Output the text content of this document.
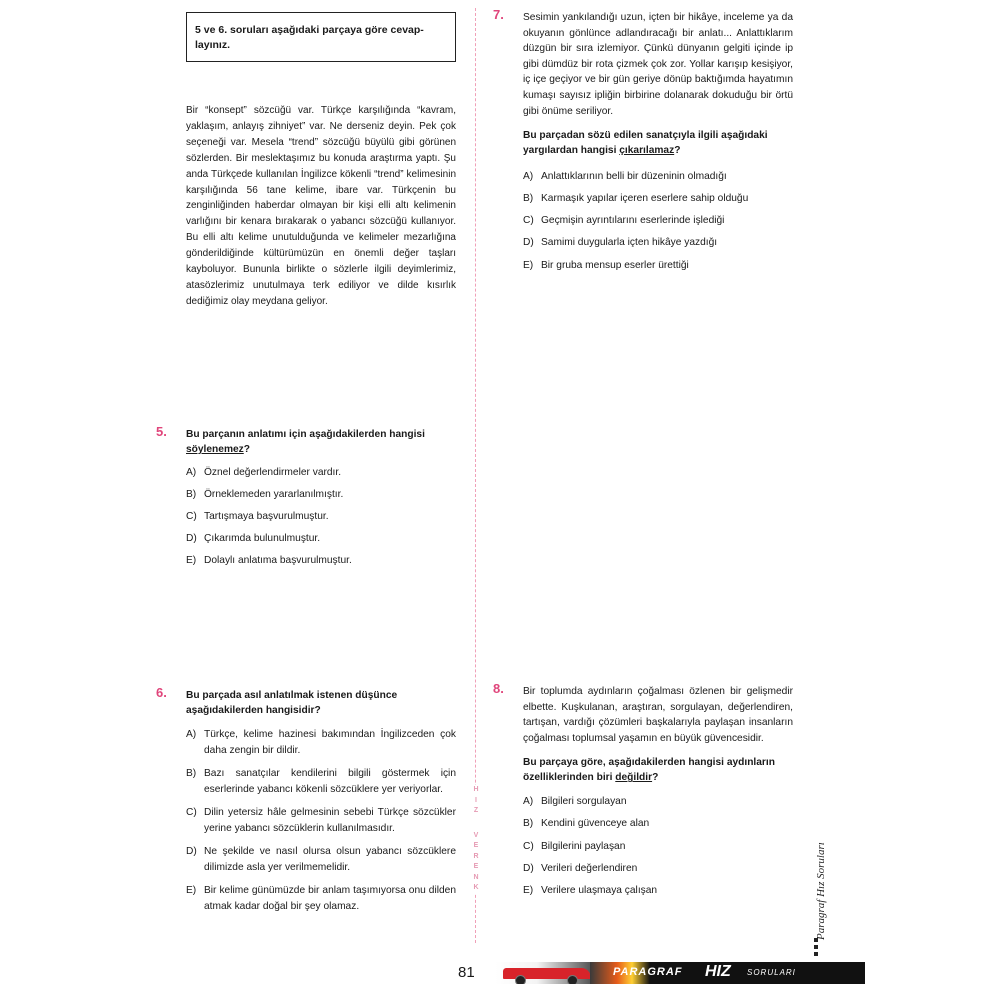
5 ve 6. soruları aşağıdaki parçaya göre cevap-
layınız.

Bir “konsept” sözcüğü var. Türkçe karşılığında “kavram, yaklaşım, anlayış zihniyet” var. Ne derseniz deyin. Pek çok seçeneği var. Mesela “trend” sözcüğü büyülü gibi görünen sözlerden. Bir meslektaşımız bu konuda araştırma yaptı. Şu anda Türkçede kullanılan İngilizce kökenli “trend” kelimesinin karşılığında 56 tane kelime, ibare var. Türkçenin bu zenginliğinden haberdar olmayan bir kişi elli altı kelimenin varlığını bir kenara bırakarak o yabancı sözcüğü kullanıyor. Bu elli altı kelime unutulduğunda ve kelimeler mezarlığına gönderildiğinde kültürümüzün en önemli değer taşları kayboluyor. Bununla birlikte o sözlerle ilgili deyimlerimiz, atasözlerimiz unutulmaya terk ediliyor ve dilde kısırlık dediğimiz olay meydana geliyor.

5. Bu parçanın anlatımı için aşağıdakilerden hangisi söylenemez?

A) Öznel değerlendirmeler vardır.
B) Örneklemeden yararlanılmıştır.
C) Tartışmaya başvurulmuştur.
D) Çıkarımda bulunulmuştur.
E) Dolaylı anlatıma başvurulmuştur.
6. Bu parçada asıl anlatılmak istenen düşünce aşağıdakilerden hangisidir?

A) Türkçe, kelime hazinesi bakımından İngilizceden çok daha zengin bir dildir.
B) Bazı sanatçılar kendilerini bilgili göstermek için eserlerinde yabancı kökenli sözcüklere yer veriyorlar.
C) Dilin yetersiz hâle gelmesinin sebebi Türkçe sözcükler yerine yabancı sözcüklerin kullanılmasıdır.
D) Ne şekilde ve nasıl olursa olsun yabancı sözcüklere dilimizde asla yer verilmemelidir.
E) Bir kelime günümüzde bir anlam taşımıyorsa onu dilden atmak kadar doğal bir şey olamaz.
H
I
Z
V
E
R
E
N
K
7. Sesimin yankılandığı uzun, içten bir hikâye, inceleme ya da okuyanın gönlünce adlandıracağı bir anlatı... Anlattıklarım düzgün bir sıra izlemiyor. Çünkü dünyanın gelgiti içinde ip gibi dümdüz bir rota çizmek çok zor. Yollar karışıp kesişiyor, iç içe geçiyor ve bir gün geriye dönüp baktığımda hayatımın kumaşı sayısız ipliğin birbirine dolanarak dokuduğu bir örtü gibi önüme seriliyor.

Bu parçadan sözü edilen sanatçıyla ilgili aşağıdaki yargılardan hangisi çıkarılamaz?

A) Anlattıklarının belli bir düzeninin olmadığı
B) Karmaşık yapılar içeren eserlere sahip olduğu
C) Geçmişin ayrıntılarını eserlerinde işlediği
D) Samimi duygularla içten hikâye yazdığı
E) Bir gruba mensup eserler ürettiği
8. Bir toplumda aydınların çoğalması özlenen bir gelişmedir elbette. Kuşkulanan, araştıran, sorgulayan, değerlendiren, tartışan, vardığı çözümleri başkalarıyla paylaşan insanların çoğalması toplumsal yaşamın en büyük güvencesidir.

Bu parçaya göre, aşağıdakilerden hangisi aydınların özelliklerinden biri değildir?

A) Bilgileri sorgulayan
B) Kendini güvenceye alan
C) Bilgilerini paylaşan
D) Verileri değerlendiren
E) Verilere ulaşmaya çalışan	Paragraf Hız Soruları
81	PARAGRAF HIZ SORULARI
